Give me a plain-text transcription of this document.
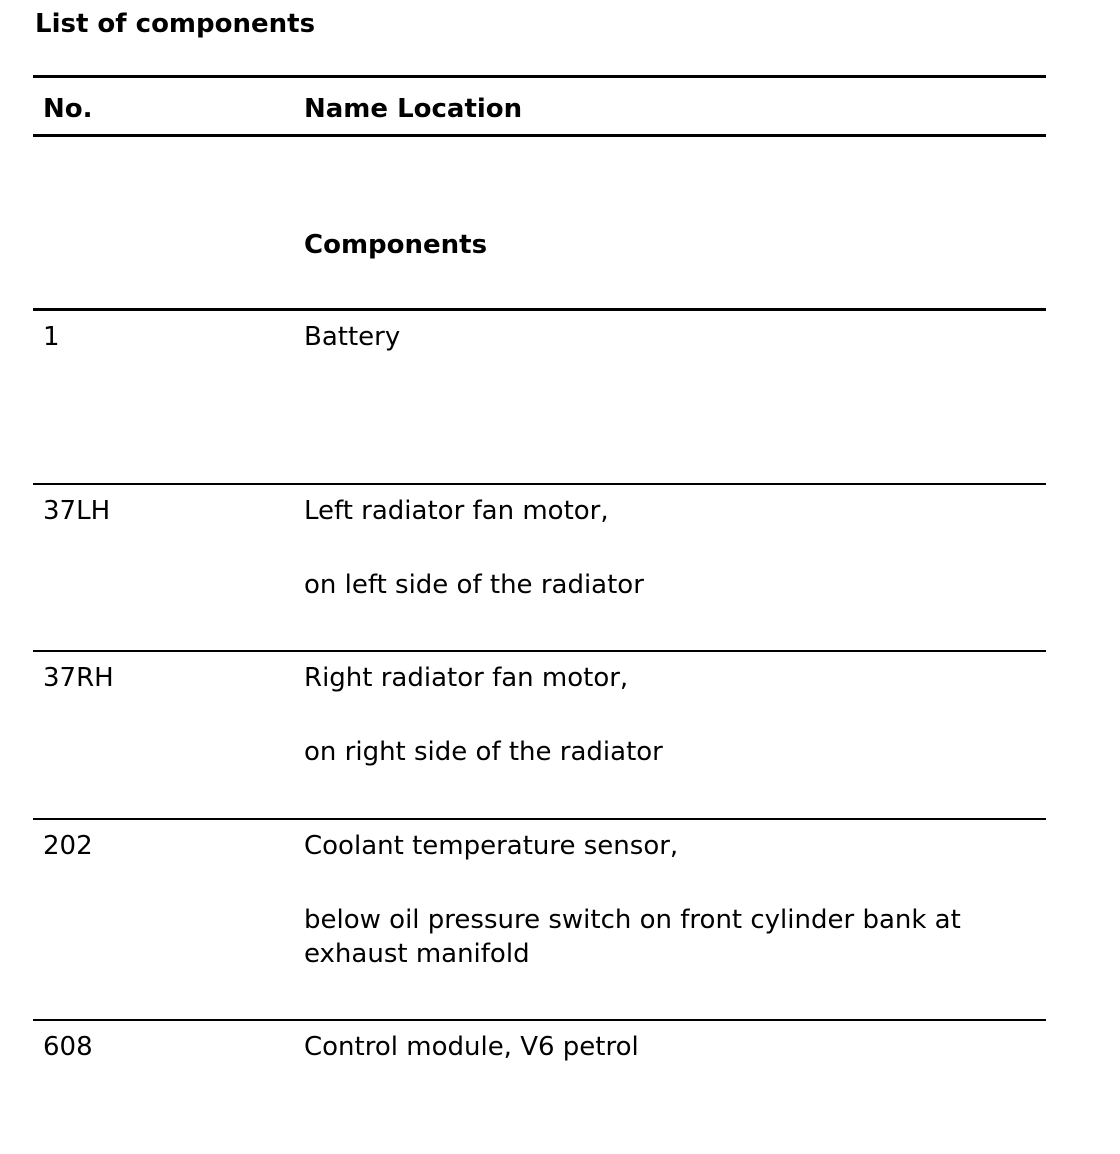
List of components
No.	Name Location
Components
1	Battery
37LH	Left radiator fan motor,
on left side of the radiator
37RH	Right radiator fan motor,
on right side of the radiator
202	Coolant temperature sensor,
below oil pressure switch on front cylinder bank at exhaust manifold
608	Control module, V6 petrol
